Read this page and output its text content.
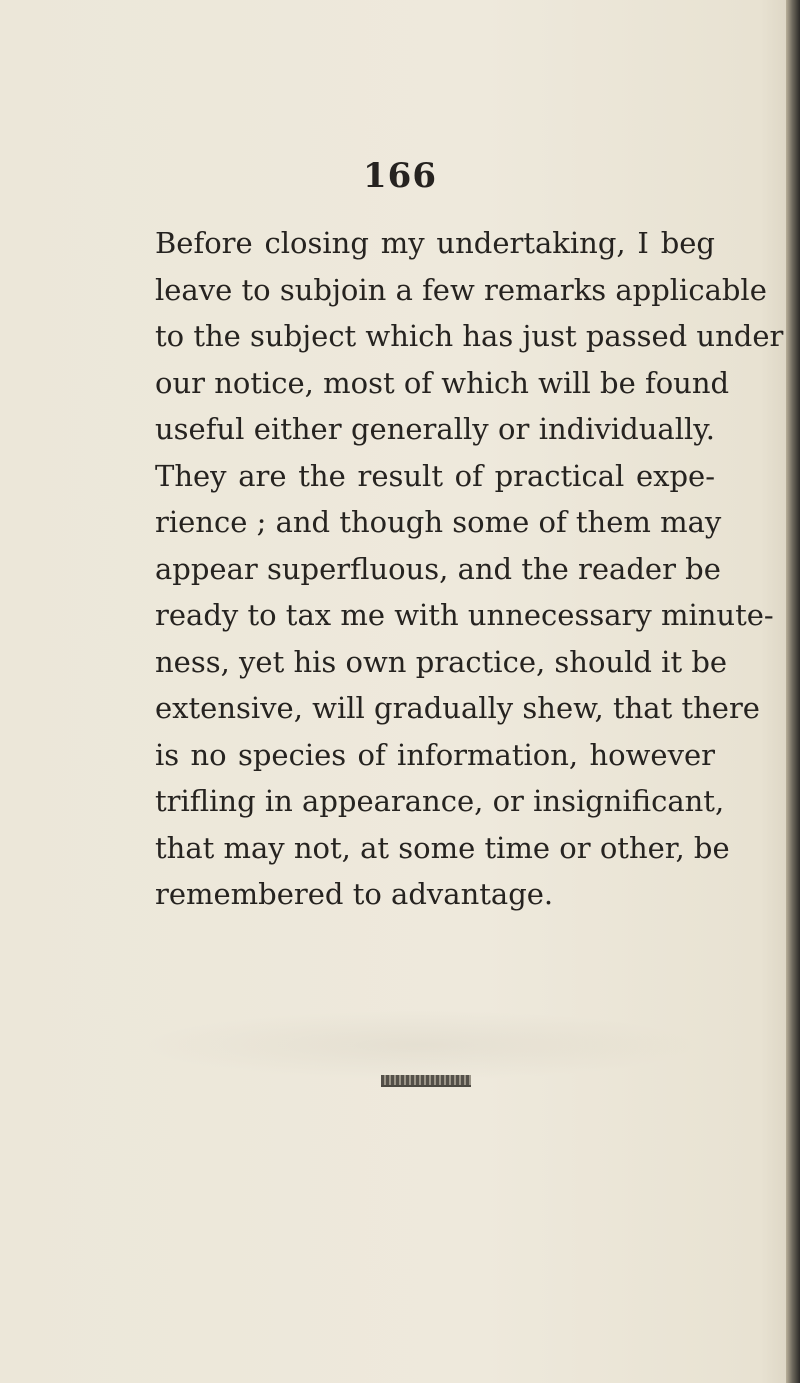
166
Before closing my undertaking, I beg
leave to subjoin a few remarks applicable
to the subject which has just passed under
our notice, most of which will be found
useful either generally or individually.
They are the result of practical expe-
rience ; and though some of them may
appear superfluous, and the reader be
ready to tax me with unnecessary minute-
ness, yet his own practice, should it be
extensive, will gradually shew, that there
is no species of information, however
trifling in appearance, or insignificant,
that may not, at some time or other, be
remembered to advantage.
